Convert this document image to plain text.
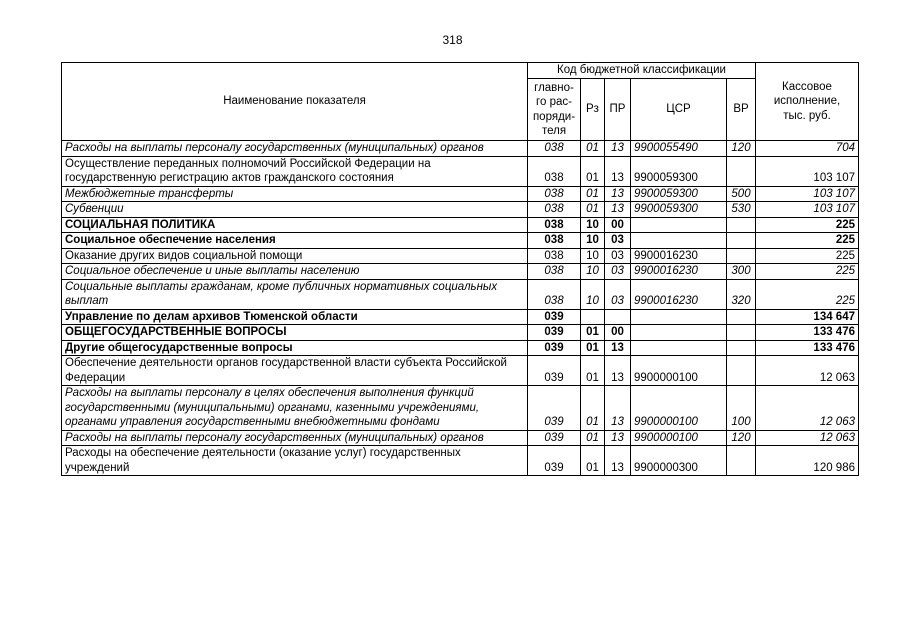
318
Наименование показателя	Код бюджетной классификации					Кассовое исполнение, тыс. руб.
	главно-го рас-поряди-теля	Рз	ПР	ЦСР	ВР	
Расходы на выплаты персоналу государственных (муниципальных) органов	038	01	13	9900055490	120	704
Осуществление переданных полномочий Российской Федерации на государственную регистрацию актов гражданского состояния	038	01	13	9900059300		103 107
Межбюджетные трансферты	038	01	13	9900059300	500	103 107
Субвенции	038	01	13	9900059300	530	103 107
СОЦИАЛЬНАЯ ПОЛИТИКА	038	10	00			225
Социальное обеспечение населения	038	10	03			225
Оказание других видов социальной помощи	038	10	03	9900016230		225
Социальное обеспечение и иные выплаты населению	038	10	03	9900016230	300	225
Социальные выплаты гражданам, кроме публичных нормативных социальных выплат	038	10	03	9900016230	320	225
Управление по делам архивов Тюменской области	039					134 647
ОБЩЕГОСУДАРСТВЕННЫЕ ВОПРОСЫ	039	01	00			133 476
Другие общегосударственные вопросы	039	01	13			133 476
Обеспечение деятельности органов государственной власти субъекта Российской Федерации	039	01	13	9900000100		12 063
Расходы на выплаты персоналу в целях обеспечения выполнения функций государственными (муниципальными) органами, казенными учреждениями, органами управления государственными внебюджетными фондами	039	01	13	9900000100	100	12 063
Расходы на выплаты персоналу государственных (муниципальных) органов	039	01	13	9900000100	120	12 063
Расходы на обеспечение деятельности (оказание услуг) государственных учреждений	039	01	13	9900000300		120 986
